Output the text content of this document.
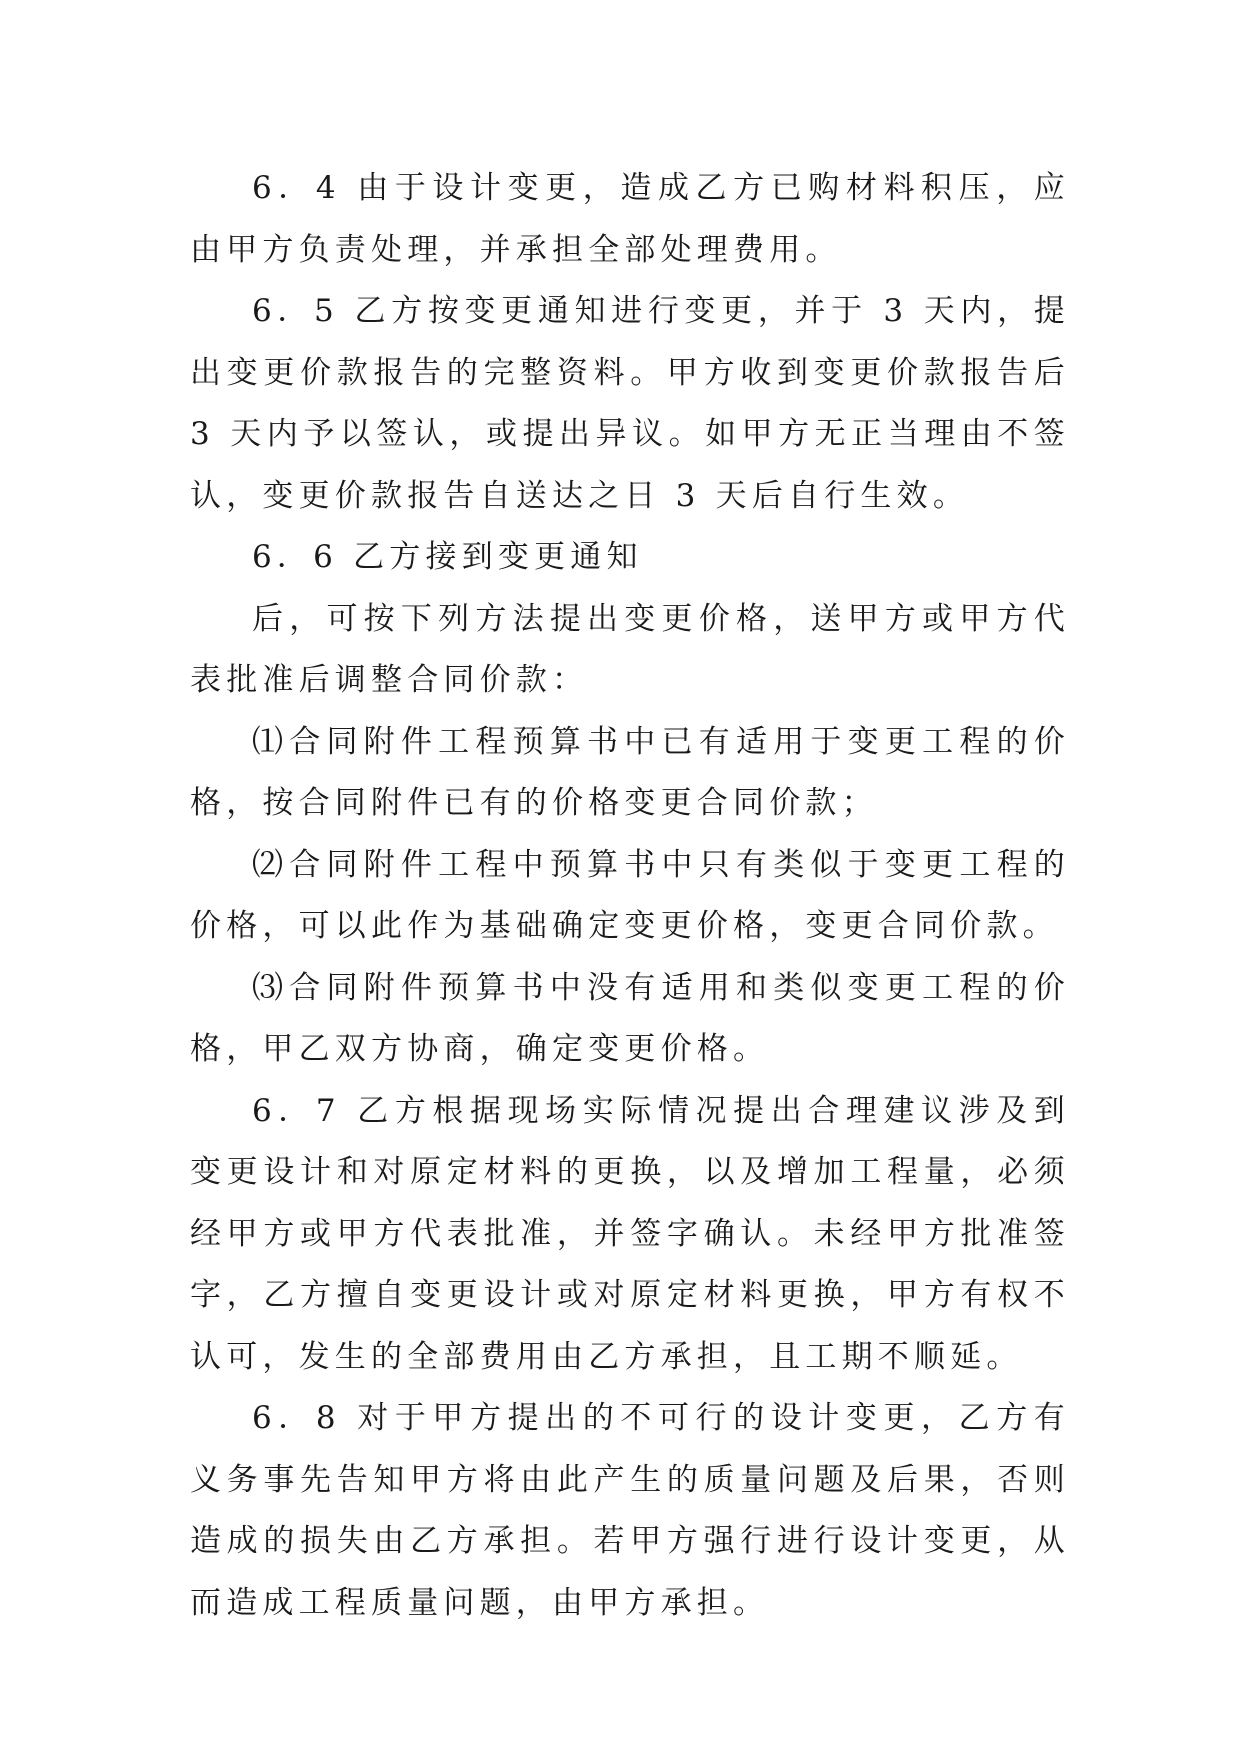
6．4 由于设计变更，造成乙方已购材料积压，应由甲方负责处理，并承担全部处理费用。

6．5 乙方按变更通知进行变更，并于 3 天内，提出变更价款报告的完整资料。甲方收到变更价款报告后 3 天内予以签认，或提出异议。如甲方无正当理由不签认，变更价款报告自送达之日 3 天后自行生效。

6．6 乙方接到变更通知

后，可按下列方法提出变更价格，送甲方或甲方代表批准后调整合同价款：

⑴合同附件工程预算书中已有适用于变更工程的价格，按合同附件已有的价格变更合同价款；

⑵合同附件工程中预算书中只有类似于变更工程的价格，可以此作为基础确定变更价格，变更合同价款。

⑶合同附件预算书中没有适用和类似变更工程的价格，甲乙双方协商，确定变更价格。

6．7 乙方根据现场实际情况提出合理建议涉及到变更设计和对原定材料的更换，以及增加工程量，必须经甲方或甲方代表批准，并签字确认。未经甲方批准签字，乙方擅自变更设计或对原定材料更换，甲方有权不认可，发生的全部费用由乙方承担，且工期不顺延。

6．8 对于甲方提出的不可行的设计变更，乙方有义务事先告知甲方将由此产生的质量问题及后果，否则造成的损失由乙方承担。若甲方强行进行设计变更，从而造成工程质量问题，由甲方承担。
